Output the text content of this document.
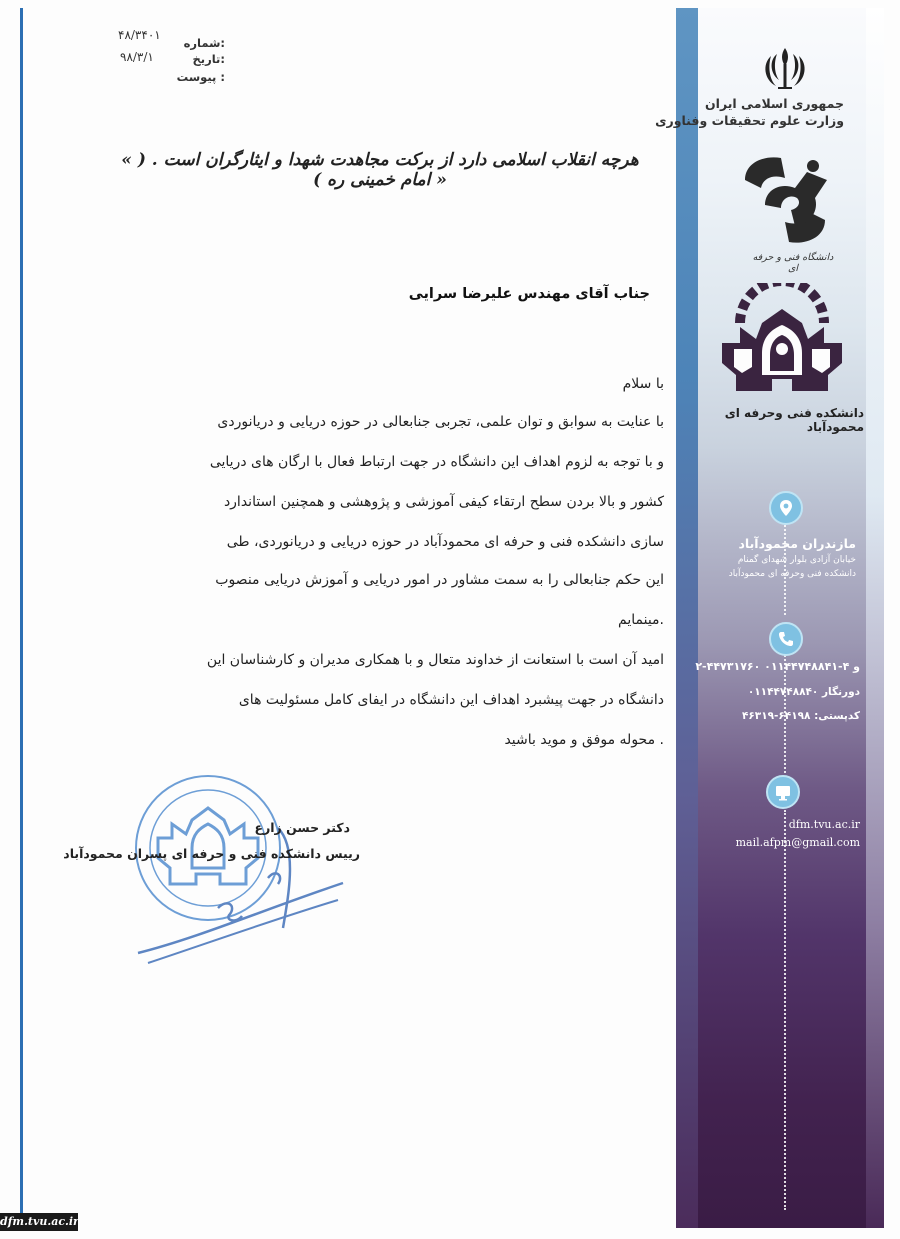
جمهوری اسلامی ایران
وزارت علوم تحقیقات وفناوری
دانشگاه فنی و حرفه ای
دانشکده فنی وحرفه ای محمودآباد
مازندران محمودآباد
خیابان آزادی بلوار شهدای گمنام
دانشکده فنی وحرفه ای محمودآباد
۲-۴۴۷۳۱۷۶۰ و ۴-۰۱۱۴۴۷۴۸۸۴۱
دورنگار ۰۱۱۴۴۷۴۸۸۴۰
کدپستی: ۶۴۱۹۸-۴۶۳۱۹
dfm.tvu.ac.ir
mail.afpm@gmail.com
شماره:
۴۸/۳۴۰۱
تاریخ:
۹۸/۳/۱
پیوست :
« هرچه انقلاب اسلامی دارد از برکت مجاهدت شهدا و ایثارگران است . ( امام خمینی ره ) »
جناب آقای مهندس علیرضا سرایی
با سلام
با عنایت به سوابق و توان علمی، تجربی جنابعالی در حوزه دریایی و دریانوردی
و با توجه به لزوم اهداف این دانشگاه در جهت ارتباط فعال با ارگان های دریایی
کشور و بالا بردن سطح ارتقاء کیفی آموزشی و پژوهشی و همچنین استاندارد
سازی دانشکده فنی و حرفه ای محمودآباد در حوزه دریایی و دریانوردی، طی
این حکم جنابعالی را به سمت مشاور در امور دریایی و آموزش دریایی منصوب
مینمایم.
امید آن است با استعانت از خداوند متعال و با همکاری مدیران و کارشناسان این
دانشگاه در جهت پیشبرد اهداف این دانشگاه در ایفای کامل مسئولیت های
محوله موفق و موید باشید .
دکتر حسن زارع
رییس دانشکده فنی و حرفه ای پسران محمودآباد
dfm.tvu.ac.ir
